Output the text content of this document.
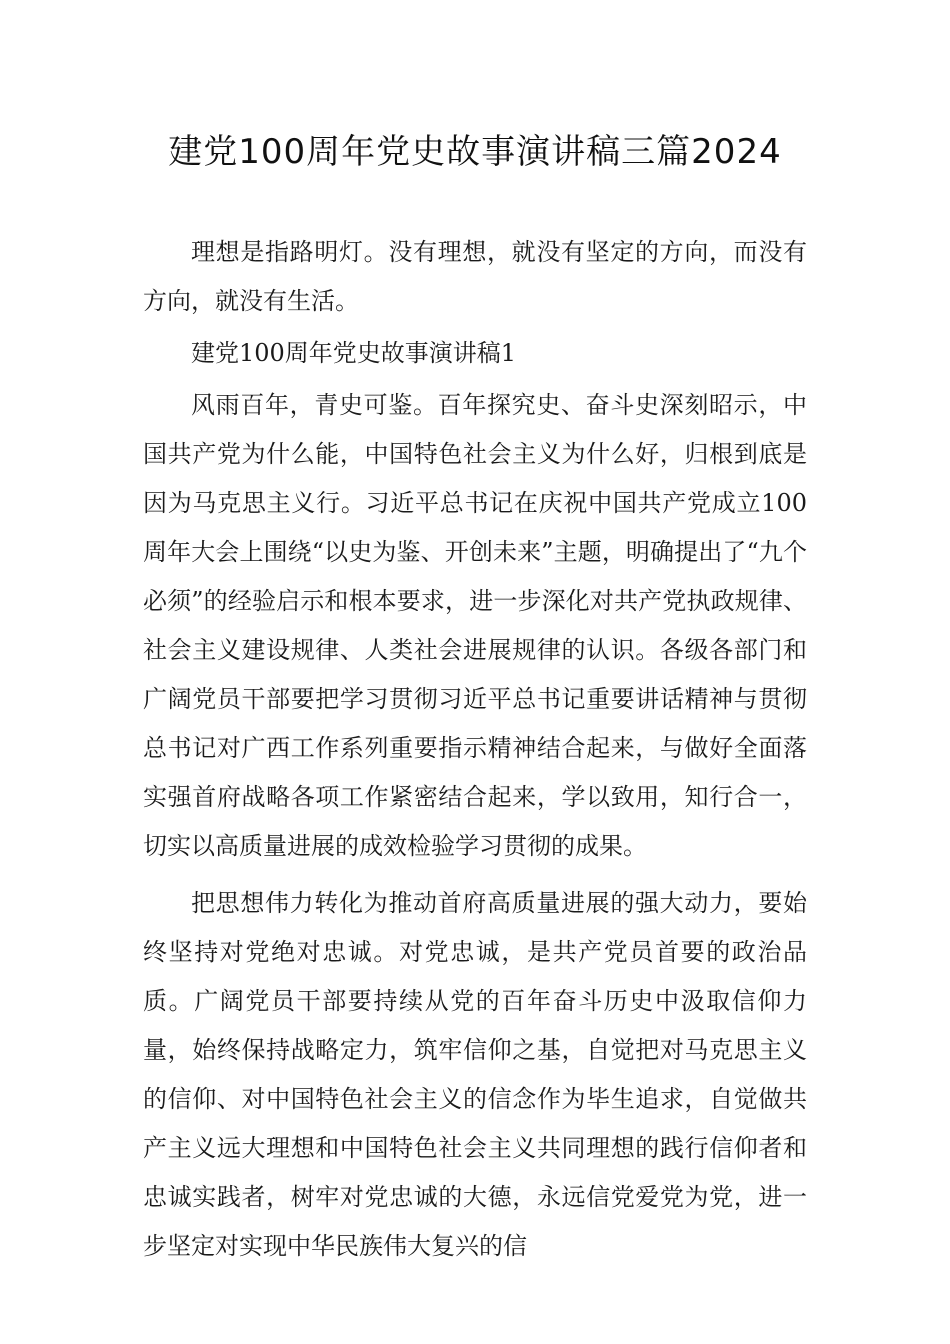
建党100周年党史故事演讲稿三篇2024

理想是指路明灯。没有理想，就没有坚定的方向，而没有方向，就没有生活。

建党100周年党史故事演讲稿1

风雨百年，青史可鉴。百年探究史、奋斗史深刻昭示，中国共产党为什么能，中国特色社会主义为什么好，归根到底是因为马克思主义行。习近平总书记在庆祝中国共产党成立100周年大会上围绕“以史为鉴、开创未来”主题，明确提出了“九个必须”的经验启示和根本要求，进一步深化对共产党执政规律、社会主义建设规律、人类社会进展规律的认识。各级各部门和广阔党员干部要把学习贯彻习近平总书记重要讲话精神与贯彻总书记对广西工作系列重要指示精神结合起来，与做好全面落实强首府战略各项工作紧密结合起来，学以致用，知行合一，切实以高质量进展的成效检验学习贯彻的成果。

把思想伟力转化为推动首府高质量进展的强大动力，要始终坚持对党绝对忠诚。对党忠诚，是共产党员首要的政治品质。广阔党员干部要持续从党的百年奋斗历史中汲取信仰力量，始终保持战略定力，筑牢信仰之基，自觉把对马克思主义的信仰、对中国特色社会主义的信念作为毕生追求，自觉做共产主义远大理想和中国特色社会主义共同理想的践行信仰者和忠诚实践者，树牢对党忠诚的大德，永远信党爱党为党，进一步坚定对实现中华民族伟大复兴的信
